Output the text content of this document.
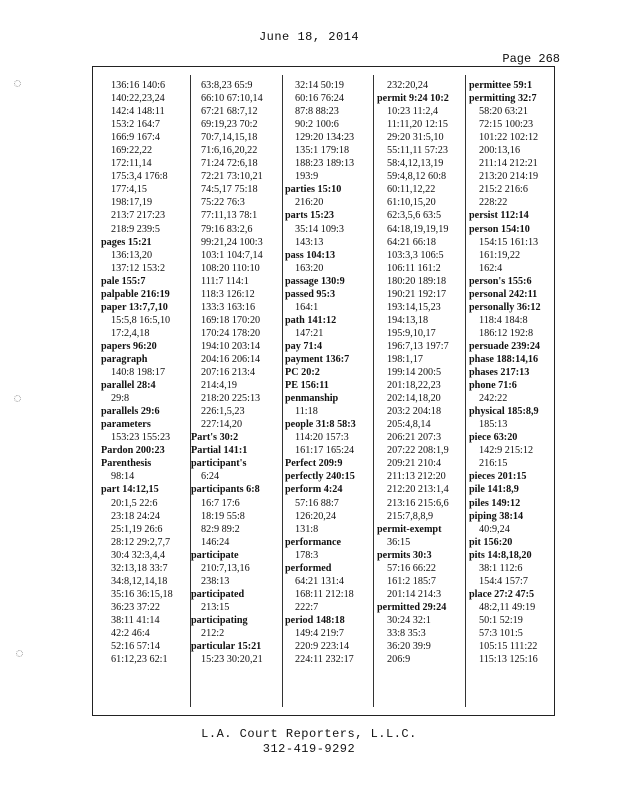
June 18, 2014
Page 268
136:16 140:6
140:22,23,24
142:4 148:11
153:2 164:7
166:9 167:4
169:22,22
172:11,14
175:3,4 176:8
177:4,15
198:17,19
213:7 217:23
218:9 239:5
pages 15:21
136:13,20
137:12 153:2
pale 155:7
palpable 216:19
paper 13:7,7,10
15:5,8 16:5,10
17:2,4,18
papers 96:20
paragraph
140:8 198:17
parallel 28:4
29:8
parallels 29:6
parameters
153:23 155:23
Pardon 200:23
Parenthesis
98:14
part 14:12,15
20:1,5 22:6
23:18 24:24
25:1,19 26:6
28:12 29:2,7,7
30:4 32:3,4,4
32:13,18 33:7
34:8,12,14,18
35:16 36:15,18
36:23 37:22
38:11 41:14
42:2 46:4
52:16 57:14
61:12,23 62:1
63:8,23 65:9
66:10 67:10,14
67:21 68:7,12
69:19,23 70:2
70:7,14,15,18
71:6,16,20,22
71:24 72:6,18
72:21 73:10,21
74:5,17 75:18
75:22 76:3
77:11,13 78:1
79:16 83:2,6
99:21,24 100:3
103:1 104:7,14
108:20 110:10
111:7 114:1
118:3 126:12
133:3 163:16
169:18 170:20
170:24 178:20
194:10 203:14
204:16 206:14
207:16 213:4
214:4,19
218:20 225:13
226:1,5,23
227:14,20
Part's 30:2
Partial 141:1
participant's
6:24
participants 6:8
16:7 17:6
18:19 55:8
82:9 89:2
146:24
participate
210:7,13,16
238:13
participated
213:15
participating
212:2
particular 15:21
15:23 30:20,21
32:14 50:19
60:16 76:24
87:8 88:23
90:2 100:6
129:20 134:23
135:1 179:18
188:23 189:13
193:9
parties 15:10
216:20
parts 15:23
35:14 109:3
143:13
pass 104:13
163:20
passage 130:9
passed 95:3
164:1
path 141:12
147:21
pay 71:4
payment 136:7
PC 20:2
PE 156:11
penmanship
11:18
people 31:8 58:3
114:20 157:3
161:17 165:24
Perfect 209:9
perfectly 240:15
perform 4:24
57:16 88:7
126:20,24
131:8
performance
178:3
performed
64:21 131:4
168:11 212:18
222:7
period 148:18
149:4 219:7
220:9 223:14
224:11 232:17
232:20,24
permit 9:24 10:2
10:23 11:2,4
11:11,20 12:15
29:20 31:5,10
55:11,11 57:23
58:4,12,13,19
59:4,8,12 60:8
60:11,12,22
61:10,15,20
62:3,5,6 63:5
64:18,19,19,19
64:21 66:18
103:3,3 106:5
106:11 161:2
180:20 189:18
190:21 192:17
193:14,15,23
194:13,18
195:9,10,17
196:7,13 197:7
198:1,17
199:14 200:5
201:18,22,23
202:14,18,20
203:2 204:18
205:4,8,14
206:21 207:3
207:22 208:1,9
209:21 210:4
211:13 212:20
212:20 213:1,4
213:16 215:6,6
215:7,8,8,9
permit-exempt
36:15
permits 30:3
57:16 66:22
161:2 185:7
201:14 214:3
permitted 29:24
30:24 32:1
33:8 35:3
36:20 39:9
206:9
permittee 59:1
permitting 32:7
58:20 63:21
72:15 100:23
101:22 102:12
200:13,16
211:14 212:21
213:20 214:19
215:2 216:6
228:22
persist 112:14
person 154:10
154:15 161:13
161:19,22
162:4
person's 155:6
personal 242:11
personally 36:12
118:4 184:8
186:12 192:8
persuade 239:24
phase 188:14,16
phases 217:13
phone 71:6
242:22
physical 185:8,9
185:13
piece 63:20
142:9 215:12
216:15
pieces 201:15
pile 141:8,9
piles 149:12
piping 38:14
40:9,24
pit 156:20
pits 14:8,18,20
38:1 112:6
154:4 157:7
place 27:2 47:5
48:2,11 49:19
50:1 52:19
57:3 101:5
105:15 111:22
115:13 125:16
L.A. Court Reporters, L.L.C.
312-419-9292
